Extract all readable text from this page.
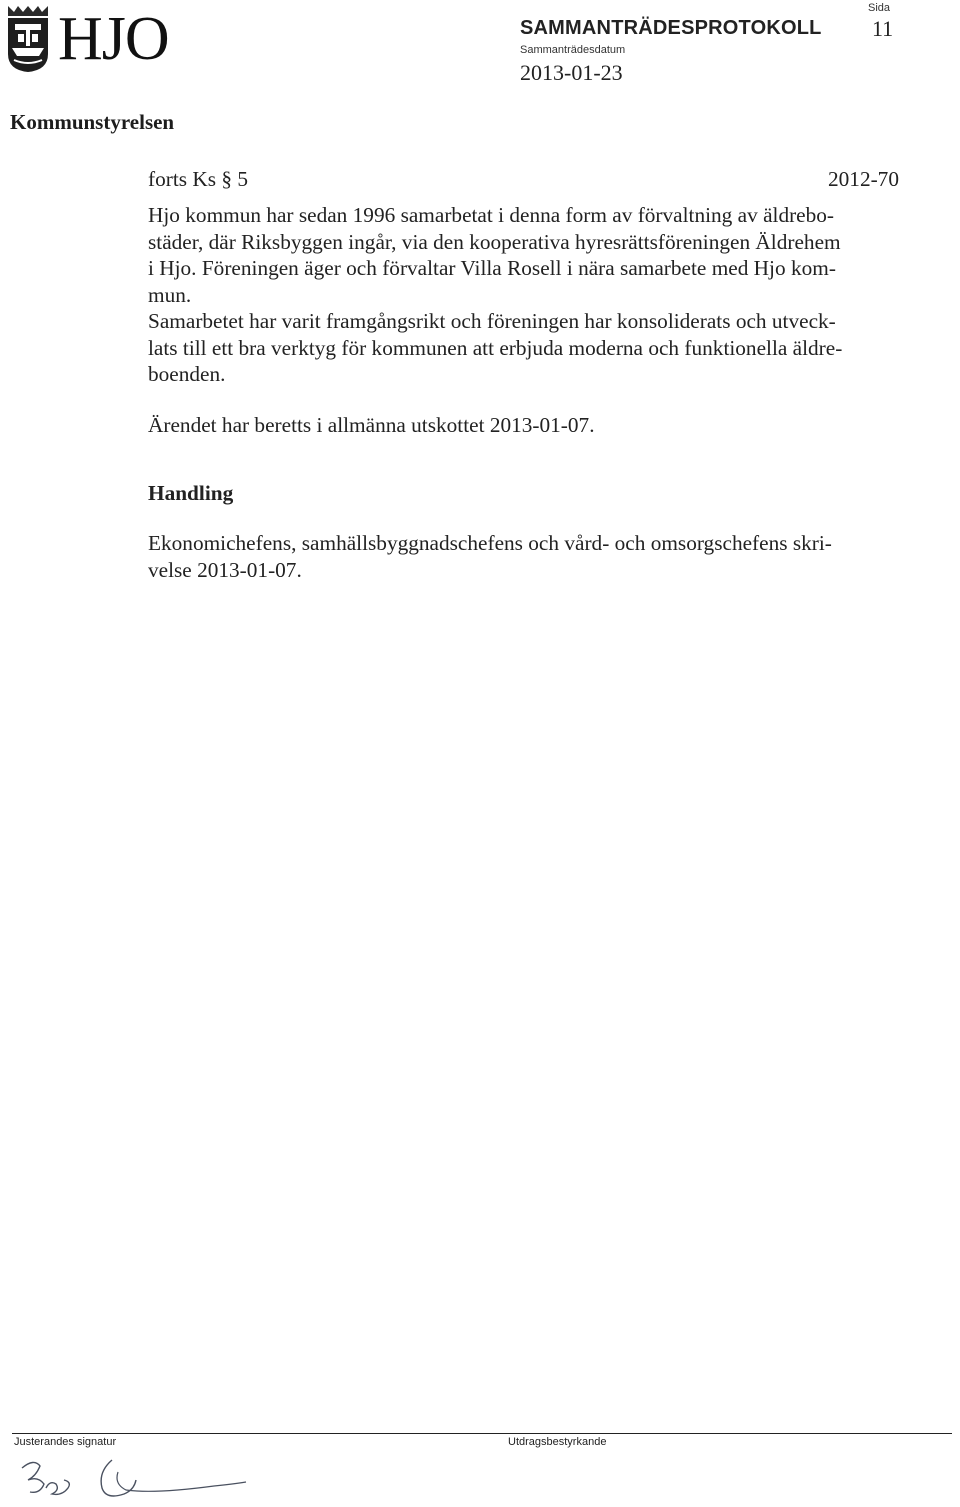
HJO	SAMMANTRÄDESPROTOKOLL
Sammanträdesdatum
2013-01-23
Sida
11
Kommunstyrelsen
forts Ks § 5	2012-70
Hjo kommun har sedan 1996 samarbetat i denna form av förvaltning av äldrebo-
städer, där Riksbyggen ingår, via den kooperativa hyresrättsföreningen Äldrehem
i Hjo. Föreningen äger och förvaltar Villa Rosell i nära samarbete med Hjo kom-
mun.
Samarbetet har varit framgångsrikt och föreningen har konsoliderats och utveck-
lats till ett bra verktyg för kommunen att erbjuda moderna och funktionella äldre-
boenden.
Ärendet har beretts i allmänna utskottet 2013-01-07.
Handling
Ekonomichefens, samhällsbyggnadschefens och vård- och omsorgschefens skri-
velse 2013-01-07.
Justerandes signatur	Utdragsbestyrkande
